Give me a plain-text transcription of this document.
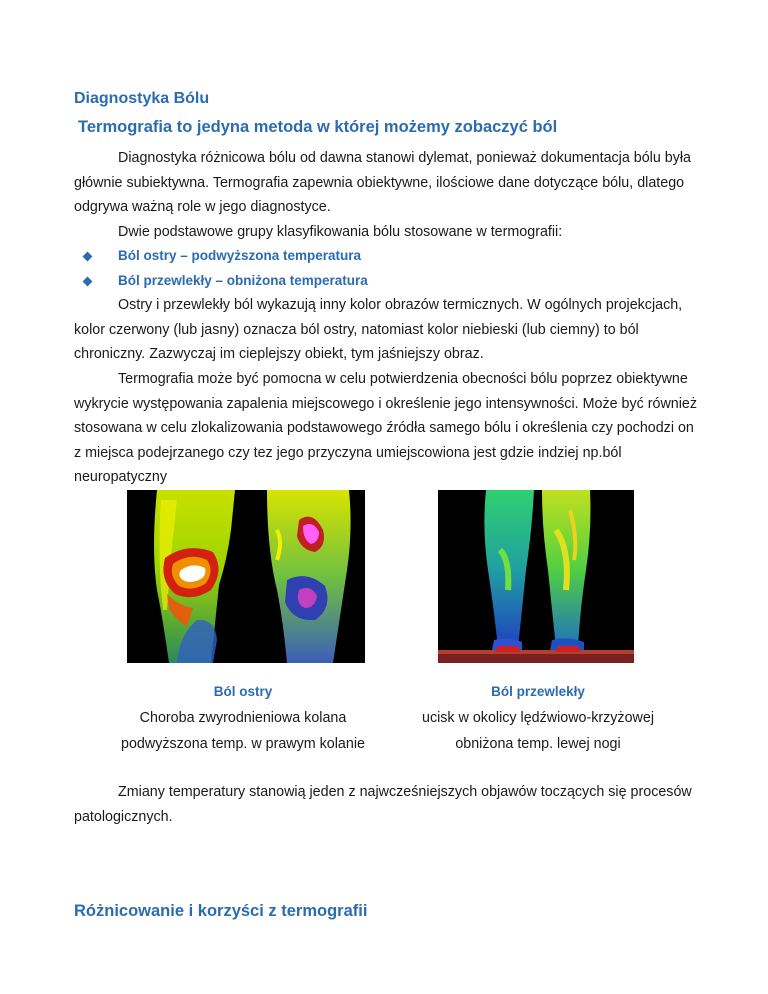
Diagnostyka Bólu
Termografia to jedyna metoda w której możemy zobaczyć ból

Diagnostyka różnicowa bólu od dawna stanowi dylemat, ponieważ dokumentacja bólu była głównie subiektywna. Termografia zapewnia obiektywne, ilościowe dane dotyczące bólu, dlatego odgrywa ważną role w jego diagnostyce.

Dwie podstawowe grupy klasyfikowania bólu stosowane w termografii:

Ból ostry – podwyższona temperatura
Ból przewlekły – obniżona temperatura

Ostry i przewlekły ból wykazują inny kolor obrazów termicznych. W ogólnych projekcjach, kolor czerwony (lub jasny) oznacza ból ostry, natomiast kolor niebieski (lub ciemny) to ból chroniczny. Zazwyczaj im cieplejszy obiekt, tym jaśniejszy obraz.

Termografia może być pomocna w celu potwierdzenia obecności bólu poprzez obiektywne wykrycie występowania zapalenia miejscowego i określenie jego intensywności. Może być również stosowana w celu zlokalizowania podstawowego źródła samego bólu i określenia czy pochodzi on z miejsca podejrzanego czy tez jego przyczyna umiejscowiona jest gdzie indziej np.ból neuropatyczny

Ból ostry
Choroba zwyrodnieniowa kolana
podwyższona temp. w prawym kolanie
Ból przewlekły
ucisk w okolicy lędźwiowo-krzyżowej
obniżona temp. lewej nogi

Zmiany temperatury stanowią jeden z najwcześniejszych objawów toczących się procesów patologicznych.

Różnicowanie i korzyści z termografii
